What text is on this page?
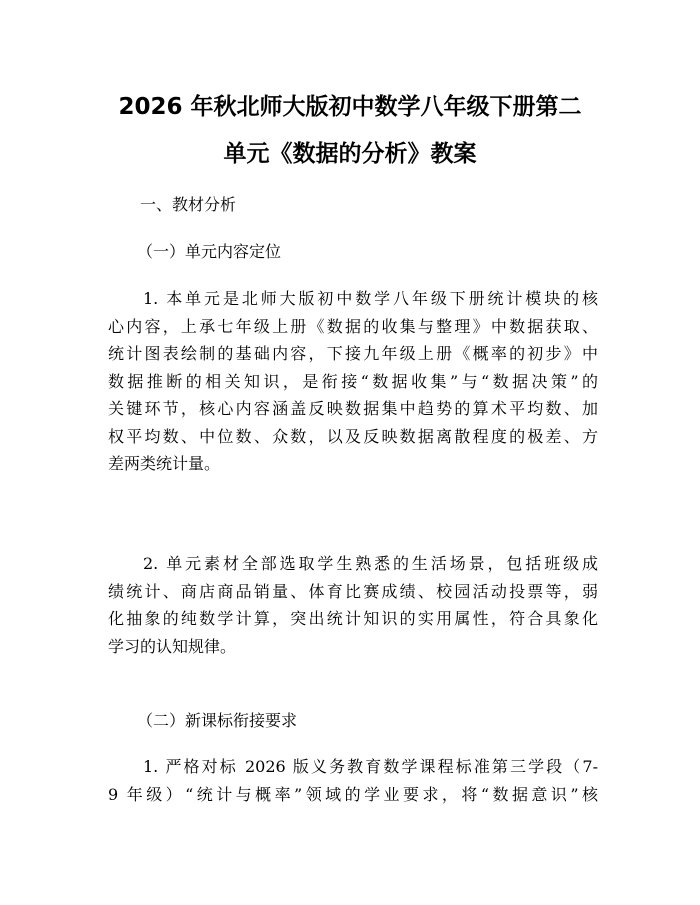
2026 年秋北师大版初中数学八年级下册第二
单元《数据的分析》教案
一、教材分析
（一）单元内容定位
1. 本单元是北师大版初中数学八年级下册统计模块的核
心内容，上承七年级上册《数据的收集与整理》中数据获取、
统计图表绘制的基础内容，下接九年级上册《概率的初步》中
数据推断的相关知识，是衔接“数据收集”与“数据决策”的
关键环节，核心内容涵盖反映数据集中趋势的算术平均数、加
权平均数、中位数、众数，以及反映数据离散程度的极差、方
差两类统计量。
2. 单元素材全部选取学生熟悉的生活场景，包括班级成
绩统计、商店商品销量、体育比赛成绩、校园活动投票等，弱
化抽象的纯数学计算，突出统计知识的实用属性，符合具象化
学习的认知规律。
（二）新课标衔接要求
1. 严格对标 2026 版义务教育数学课程标准第三学段（7-
9 年级）“统计与概率”领域的学业要求，将“数据意识”核
